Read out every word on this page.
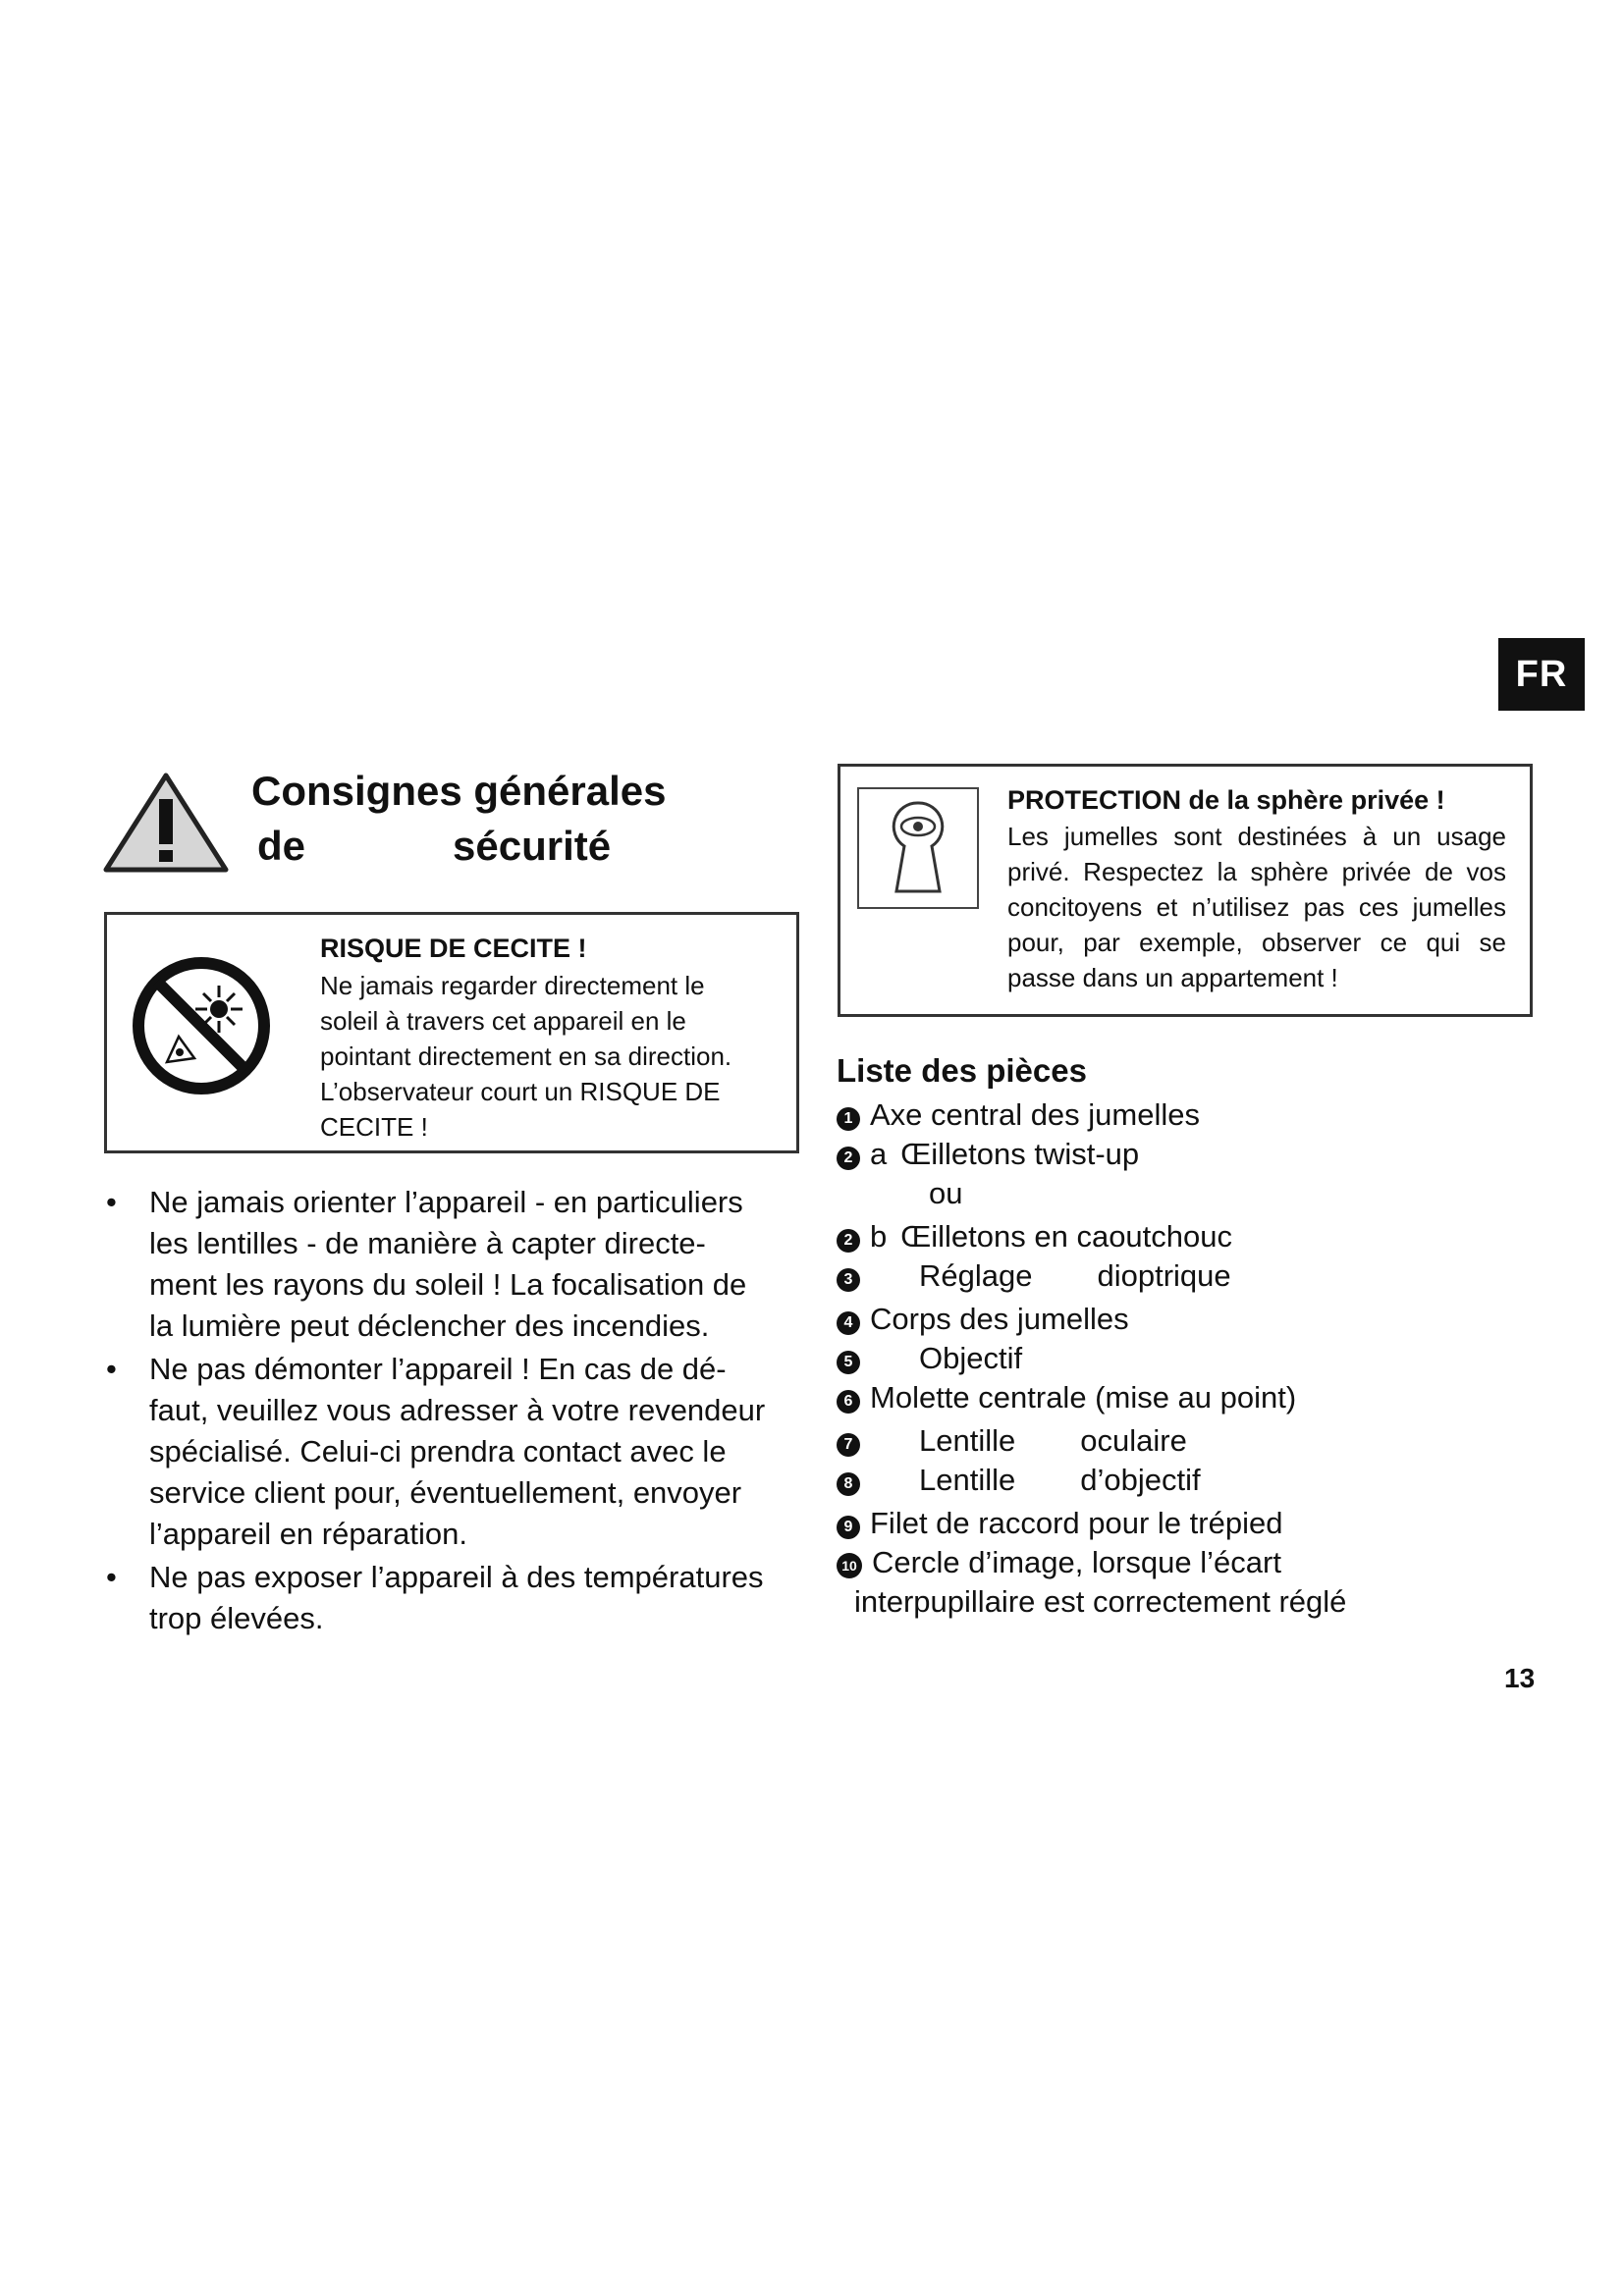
FR
Consignes générales
de	sécurité
RISQUE DE CECITE !
Ne jamais regarder directement le
soleil à travers cet appareil en le
pointant directement en sa direction.
L’observateur court un RISQUE DE
CECITE !
•	Ne jamais orienter l’appareil - en particuliers
les lentilles - de manière à capter directe-
ment les rayons du soleil ! La focalisation de
la lumière peut déclencher des incendies.
•	Ne pas démonter l’appareil ! En cas de dé-
faut, veuillez vous adresser à votre revendeur
spécialisé. Celui-ci prendra contact avec le
service client pour, éventuellement, envoyer
l’appareil en réparation.
•	Ne pas exposer l’appareil à des températures
trop élevées.
PROTECTION de la sphère privée !
Les jumelles sont destinées à un usage
privé. Respectez la sphère privée de vos
concitoyens et n’utilisez pas ces jumelles
pour, par exemple, observer ce qui se
passe dans un appartement !
Liste des pièces
1 Axe central des jumelles
2 a Œilletons twist-up
ou
2 b Œilletons en caoutchouc
3 Réglage dioptrique
4 Corps des jumelles
5 Objectif
6 Molette centrale (mise au point)
7 Lentille oculaire
8 Lentille d’objectif
9 Filet de raccord pour le trépied
10 Cercle d’image, lorsque l’écart
interpupillaire est correctement réglé
13
